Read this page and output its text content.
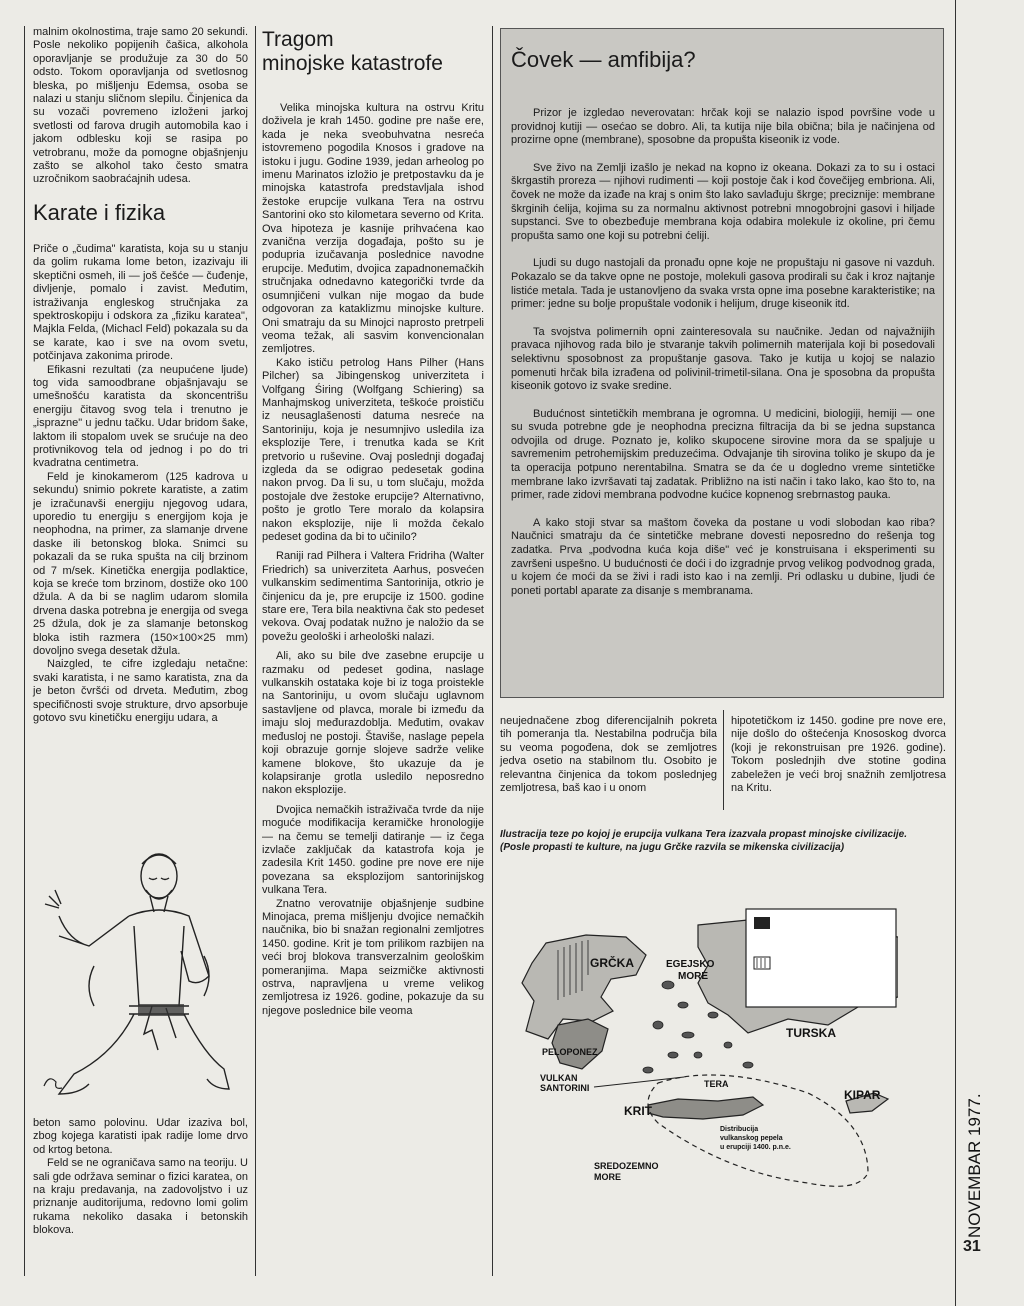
malnim okolnostima, traje samo 20 sekundi. Posle nekoliko popijenih čašica, alkohola oporavljanje se produžuje za 30 do 50 odsto. Tokom oporavljanja od svetlosnog bleska, po mišljenju Edemsa, osoba se nalazi u stanju sličnom slepilu. Činjenica da su vozači povremeno izloženi jarkoj svetlosti od farova drugih automobila kao i jakom odblesku koji se rasipa po vetrobranu, može da pomogne objašnjenju zašto se alkohol tako često smatra uzročnikom saobraćajnih udesa.

Karate i fizika

Priče o „čudima" karatista, koja su u stanju da golim rukama lome beton, izazivaju ili skeptični osmeh, ili — još češće — čuđenje, divljenje, pomalo i zavist. Međutim, istraživanja engleskog stručnjaka za spektroskopiju i odskora za „fiziku karatea", Majkla Felda, (Michacl Feld) pokazala su da se karate, kao i sve na ovom svetu, potčinjava zakonima prirode.

Efikasni rezultati (za neupućene ljude) tog vida samoodbrane objašnjavaju se umešnošću karatista da skoncentrišu energiju čitavog svog tela i trenutno je „isprazne" u jednu tačku. Udar bridom šake, laktom ili stopalom uvek se srućuje na deo protivnikovog tela od jednog i po do tri kvadratna centimetra.

Feld je kinokamerom (125 kadrova u sekundu) snimio pokrete karatiste, a zatim je izračunavši energiju njegovog udara, uporedio tu energiju s energijom koja je neophodna, na primer, za slamanje drvene daske ili betonskog bloka. Snimci su pokazali da se ruka spušta na cilj brzinom od 7 m/sek. Kinetička energija podlaktice, koja se kreće tom brzinom, dostiže oko 100 džula. A da bi se naglim udarom slomila drvena daska potrebna je energija od svega 25 džula, dok je za slamanje betonskog bloka istih razmera (150×100×25 mm) dovoljno svega desetak džula.

Naizgled, te cifre izgledaju netačne: svaki karatista, i ne samo karatista, zna da je beton čvršći od drveta. Međutim, zbog specifičnosti svoje strukture, drvo apsorbuje gotovo svu kinetičku energiju udara, a

beton samo polovinu. Udar izaziva bol, zbog kojega karatisti ipak radije lome drvo od krtog betona.

Feld se ne ograničava samo na teoriju. U sali gde održava seminar o fizici karatea, on na kraju predavanja, na zadovoljstvo i uz priznanje auditorijuma, redovno lomi golim rukama nekoliko dasaka i betonskih blokova.

Tragom
minojske katastrofe

Velika minojska kultura na ostrvu Kritu doživela je krah 1450. godine pre naše ere, kada je neka sveobuhvatna nesreća istovremeno pogodila Knosos i gradove na istoku i jugu. Godine 1939, jedan arheolog po imenu Marinatos izložio je pretpostavku da je minojska katastrofa predstavljala ishod žestoke erupcije vulkana Tera na ostrvu Santorini oko sto kilometara severno od Krita. Ova hipoteza je kasnije prihvaćena kao zvanična verzija događaja, pošto su je podupria izučavanja poslednice navodne erupcije. Međutim, dvojica zapadnonemačkih stručnjaka odnedavno kategorički tvrde da osumnjičeni vulkan nije mogao da bude odgovoran za kataklizmu minojske kulture. Oni smatraju da su Minojci naprosto pretrpeli veoma težak, ali sasvim konvencionalan zemljotres.

Kako ističu petrolog Hans Pilher (Hans Pilcher) sa Jibingenskog univerziteta i Volfgang Śiring (Wolfgang Schiering) sa Manhajmskog univerziteta, teškoće proističu iz neusaglašenosti datuma nesreće na Santoriniju, koja je nesumnjivo usledila iza eksplozije Tere, i trenutka kada se Krit pretvorio u ruševine. Ovaj poslednji događaj izgleda da se odigrao pedesetak godina nakon prvog. Da li su, u tom slučaju, možda postojale dve žestoke erupcije? Alternativno, pošto je grotlo Tere moralo da kolapsira nakon eksplozije, nije li možda čekalo pedeset godina da bi to učinilo?

Raniji rad Pilhera i Valtera Fridriha (Walter Friedrich) sa univerziteta Aarhus, posvećen vulkanskim sedimentima Santorinija, otkrio je činjenicu da je, pre erupcije iz 1500. godine stare ere, Tera bila neaktivna čak sto pedeset vekova. Ovaj podatak nužno je naložio da se povežu geološki i arheološki nalazi.

Ali, ako su bile dve zasebne erupcije u razmaku od pedeset godina, naslage vulkanskih ostataka koje bi iz toga proistekle na Santoriniju, u ovom slučaju uglavnom sastavljene od plavca, morale bi između da imaju sloj međurazdoblja. Međutim, ovakav međusloj ne postoji. Štaviše, naslage pepela koji obrazuje gornje slojeve sadrže velike kamene blokove, što ukazuje da je kolapsiranje grotla usledilo neposredno nakon eksplozije.

Dvojica nemačkih istraživača tvrde da nije moguće modifikacija keramičke hronologije — na čemu se temelji datiranje — iz čega izvlače zaključak da katastrofa koja je zadesila Krit 1450. godine pre nove ere nije povezana sa eksplozijom santorinijskog vulkana Tera.

Znatno verovatnije objašnjenje sudbine Minojaca, prema mišljenju dvojice nemačkih naučnika, bio bi snažan regionalni zemljotres 1450. godine. Krit je tom prilikom razbijen na veći broj blokova transverzalnim geološkim pomeranjima. Mapa seizmičke aktivnosti ostrva, napravljena u vreme velikog zemljotresa iz 1926. godine, pokazuje da su njegove poslednice bile veoma

Čovek — amfibija?

Prizor je izgledao neverovatan: hrčak koji se nalazio ispod površine vode u providnoj kutiji — osećao se dobro. Ali, ta kutija nije bila obična; bila je načinjena od prozirne opne (membrane), sposobne da propušta kiseonik iz vode.

Sve živo na Zemlji izašlo je nekad na kopno iz okeana. Dokazi za to su i ostaci škrgastih proreza — njihovi rudimenti — koji postoje čak i kod čovečijeg embriona. Ali, čovek ne može da izađe na kraj s onim što lako savlađuju škrge; preciznije: membrane škrginih ćelija, kojima su za normalnu aktivnost potrebni mnogobrojni gasovi i hiljade supstanci. Sve to obezbeđuje membrana koja odabira molekule iz okoline, pri čemu propušta samo one koji su potrebni ćeliji.

Ljudi su dugo nastojali da pronađu opne koje ne propuštaju ni gasove ni vazduh. Pokazalo se da takve opne ne postoje, molekuli gasova prodirali su čak i kroz najtanje listiće metala. Tada je ustanovljeno da svaka vrsta opne ima posebne karakteristike; na primer: jedne su bolje propuštale vodonik i helijum, druge kiseonik itd.

Ta svojstva polimernih opni zainteresovala su naučnike. Jedan od najvažnijih pravaca njihovog rada bilo je stvaranje takvih polimernih materijala koji bi posedovali selektivnu sposobnost za propuštanje gasova. Tako je kutija u kojoj se nalazio pomenuti hrčak bila izrađena od polivinil-trimetil-silana. Ona je sposobna da propušta kiseonik gotovo iz svake sredine.

Budućnost sintetičkih membrana je ogromna. U medicini, biologiji, hemiji — one su svuda potrebne gde je neophodna precizna filtracija da bi se jedna supstanca odvojila od druge. Poznato je, koliko skupocene sirovine mora da se spaljuje u savremenim petrohemijskim preduzećima. Odvajanje tih sirovina toliko je skupo da je ta operacija potpuno nerentabilna. Smatra se da će u dogledno vreme sintetičke membrane lako izvršavati taj zadatak. Približno na isti način i tako lako, kao što to, na primer, rade zidovi membrana podvodne kućice kopnenog srebrnastog pauka.

A kako stoji stvar sa maštom čoveka da postane u vodi slobodan kao riba? Naučnici smatraju da će sintetičke mebrane dovesti neposredno do rešenja tog zadatka. Prva „podvodna kuća koja diše" već je konstruisana i eksperimenti su završeni uspešno. U budućnosti će doći i do izgradnje prvog velikog podvodnog grada, u kojem će moći da se živi i radi isto kao i na zemlji. Pri odlasku u dubine, ljudi će poneti portabl aparate za disanje s membranama.

neujednačene zbog diferencijalnih pokreta tih pomeranja tla. Nestabilna područja bila su veoma pogođena, dok se zemljotres jedva osetio na stabilnom tlu. Osobito je relevantna činjenica da tokom poslednjeg zemljotresa, baš kao i u onom
hipotetičkom iz 1450. godine pre nove ere, nije došlo do oštećenja Knososkog dvorca (koji je rekonstruisan pre 1926. godine). Tokom poslednjih dve stotine godina zabeležen je veći broj snažnih zemljotresa na Kritu.
Ilustracija teze po kojoj je erupcija vulkana Tera izazvala propast minojske civilizacije. (Posle propasti te kulture, na jugu Grčke razvila se mikenska civilizacija)
Distribucija
vulkanskog pepela
u erupciji 1400. p.n.e.
GRČKA	EGEJSKO
MORE
TURSKA
PELOPONEZ
VULKAN
SANTORINI	TERA
KRIT
KIPAR
SREDOZEMNO
MORE	NOVEMBAR 1977.
31
